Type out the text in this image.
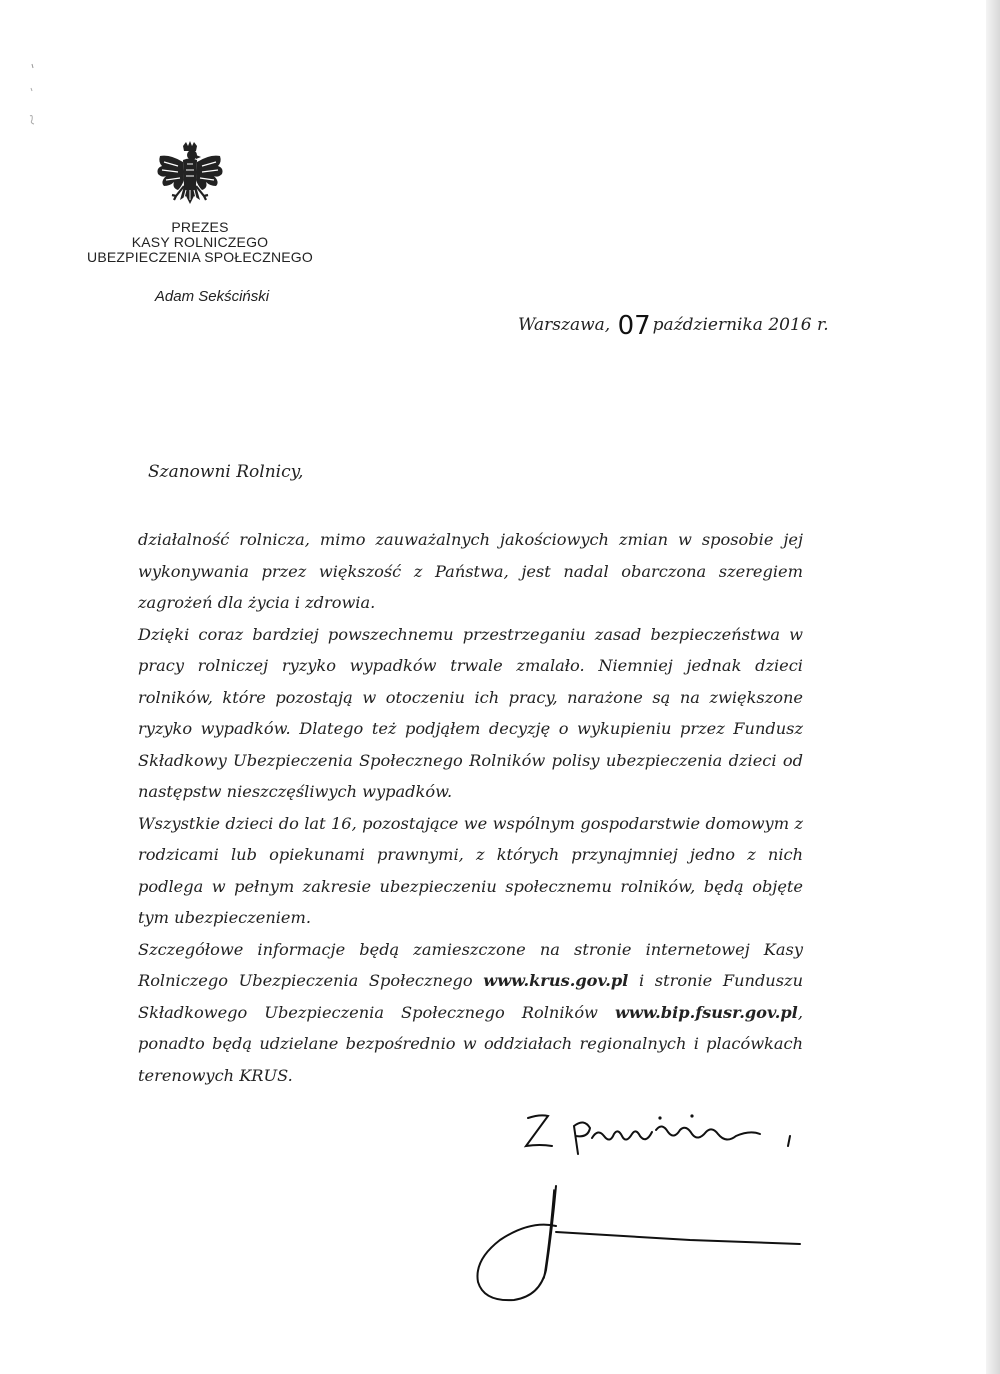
PREZES
KASY ROLNICZEGO
UBEZPIECZENIA SPOŁECZNEGO
Adam Sekściński
Warszawa, 07 października 2016 r.
Szanowni Rolnicy,

działalność rolnicza, mimo zauważalnych jakościowych zmian w sposobie jej wykonywania przez większość z Państwa, jest nadal obarczona szeregiem zagrożeń dla życia i zdrowia.

Dzięki coraz bardziej powszechnemu przestrzeganiu zasad bezpieczeństwa w pracy rolniczej ryzyko wypadków trwale zmalało. Niemniej jednak dzieci rolników, które pozostają w otoczeniu ich pracy, narażone są na zwiększone ryzyko wypadków. Dlatego też podjąłem decyzję o wykupieniu przez Fundusz Składkowy Ubezpieczenia Społecznego Rolników polisy ubezpieczenia dzieci od następstw nieszczęśliwych wypadków.

Wszystkie dzieci do lat 16, pozostające we wspólnym gospodarstwie domowym z rodzicami lub opiekunami prawnymi, z których przynajmniej jedno z nich podlega w pełnym zakresie ubezpieczeniu społecznemu rolników, będą objęte tym ubezpieczeniem.

Szczegółowe informacje będą zamieszczone na stronie internetowej Kasy Rolniczego Ubezpieczenia Społecznego www.krus.gov.pl i stronie Funduszu Składkowego Ubezpieczenia Społecznego Rolników www.bip.fsusr.gov.pl, ponadto będą udzielane bezpośrednio w oddziałach regionalnych i placówkach terenowych KRUS.
